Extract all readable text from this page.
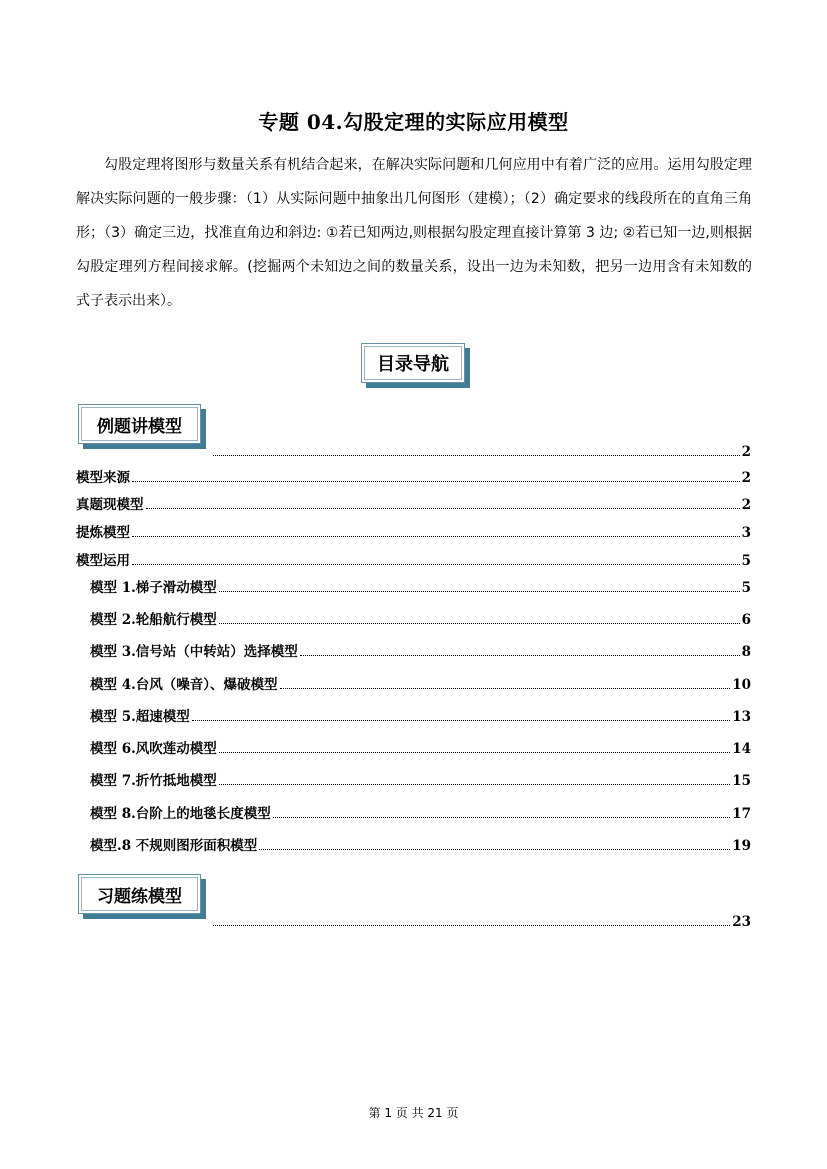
专题 04.勾股定理的实际应用模型
勾股定理将图形与数量关系有机结合起来，在解决实际问题和几何应用中有着广泛的应用。运用勾股定理解决实际问题的一般步骤：（1）从实际问题中抽象出几何图形（建模）；（2）确定要求的线段所在的直角三角形；（3）确定三边，找准直角边和斜边: ①若已知两边,则根据勾股定理直接计算第 3 边; ②若已知一边,则根据勾股定理列方程间接求解。(挖掘两个未知边之间的数量关系，设出一边为未知数，把另一边用含有未知数的式子表示出来）。
目录导航
例题讲模型
2
模型来源	2
真题现模型	2
提炼模型	3
模型运用	5
模型 1.梯子滑动模型	5
模型 2.轮船航行模型	6
模型 3.信号站（中转站）选择模型	8
模型 4.台风（噪音）、爆破模型	10
模型 5.超速模型	13
模型 6.风吹莲动模型	14
模型 7.折竹抵地模型	15
模型 8.台阶上的地毯长度模型	17
模型.8 不规则图形面积模型	19
习题练模型
23
第 1 页 共 21 页
